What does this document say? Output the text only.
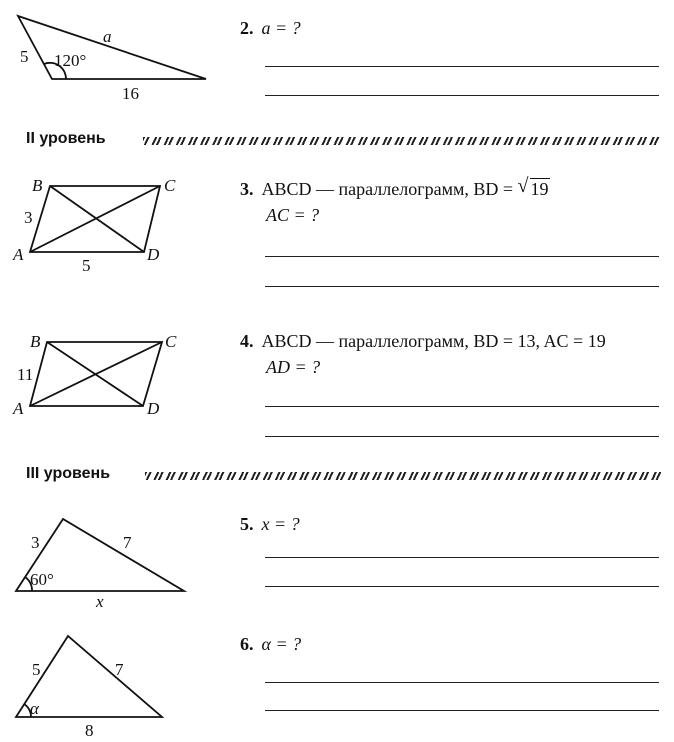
5 120°
a
16
2. a = ?
II уровень
B	C
A	D
3
5
3. ABCD — параллелограмм, BD = √ 19
AC = ?
B	C
A	D
11
4. ABCD — параллелограмм, BD = 13, AC = 19
AD = ?
III уровень
3	7
60°
x
5. x = ?
5	7
α
8
6. α = ?
